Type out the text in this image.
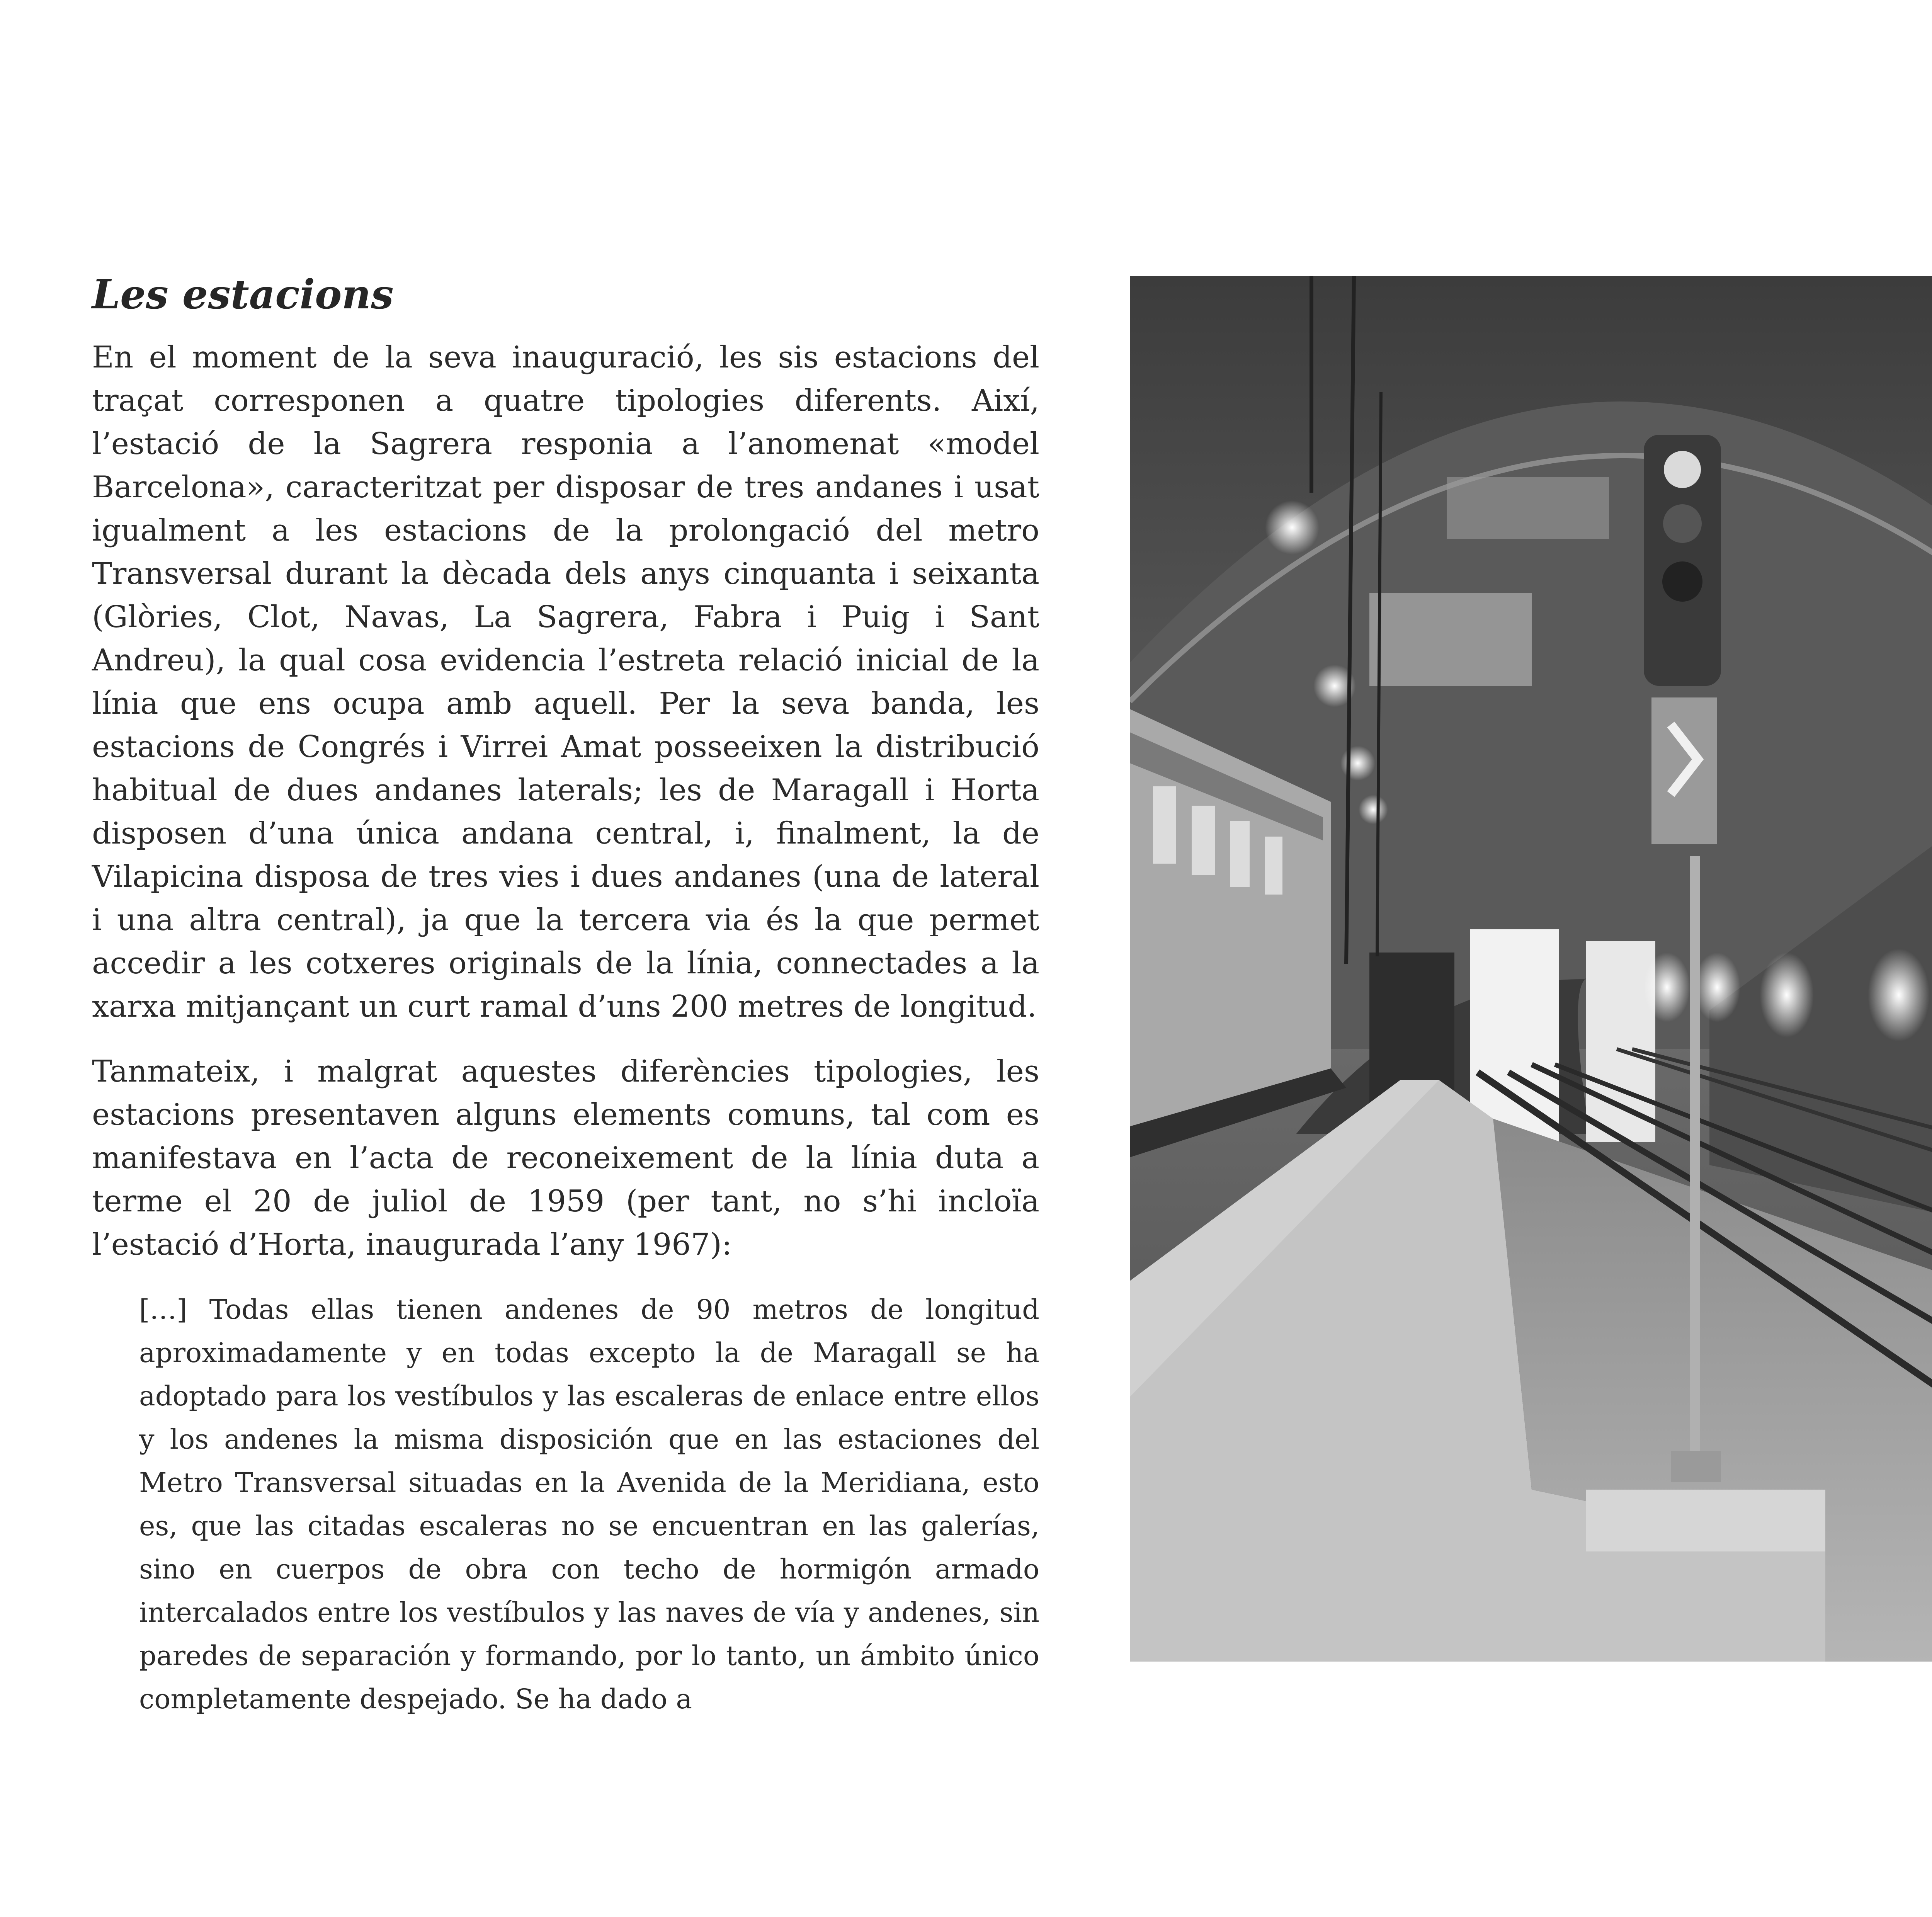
Les estacions

En el moment de la seva inauguració, les sis estacions del traçat corresponen a quatre tipologies diferents. Així, l’estació de la Sagrera responia a l’anomenat «model Barcelona», caracteritzat per disposar de tres andanes i usat igualment a les estacions de la prolongació del metro Transversal durant la dècada dels anys cinquanta i seixanta (Glòries, Clot, Navas, La Sagrera, Fabra i Puig i Sant Andreu), la qual cosa evidencia l’estreta relació inicial de la línia que ens ocupa amb aquell. Per la seva banda, les estacions de Congrés i Virrei Amat posseeixen la distribució habitual de dues andanes laterals; les de Maragall i Horta disposen d’una única andana central, i, finalment, la de Vilapicina disposa de tres vies i dues andanes (una de lateral i una altra central), ja que la tercera via és la que permet accedir a les cotxeres originals de la línia, connectades a la xarxa mitjançant un curt ramal d’uns 200 metres de longitud.

Tanmateix, i malgrat aquestes diferències tipologies, les estacions presentaven alguns elements comuns, tal com es manifestava en l’acta de reconeixement de la línia duta a terme el 20 de juliol de 1959 (per tant, no s’hi incloïa l’estació d’Horta, inaugurada l’any 1967):

[…] Todas ellas tienen andenes de 90 metros de longitud aproximadamente y en todas excepto la de Maragall se ha adoptado para los vestíbulos y las escaleras de enlace entre ellos y los andenes la misma disposición que en las estaciones del Metro Transversal situadas en la Avenida de la Meridiana, esto es, que las citadas escaleras no se encuentran en las galerías, sino en cuerpos de obra con techo de hormigón armado intercalados entre los vestíbulos y las naves de vía y andenes, sin paredes de separación y formando, por lo tanto, un ámbito único completamente despejado. Se ha dado a
